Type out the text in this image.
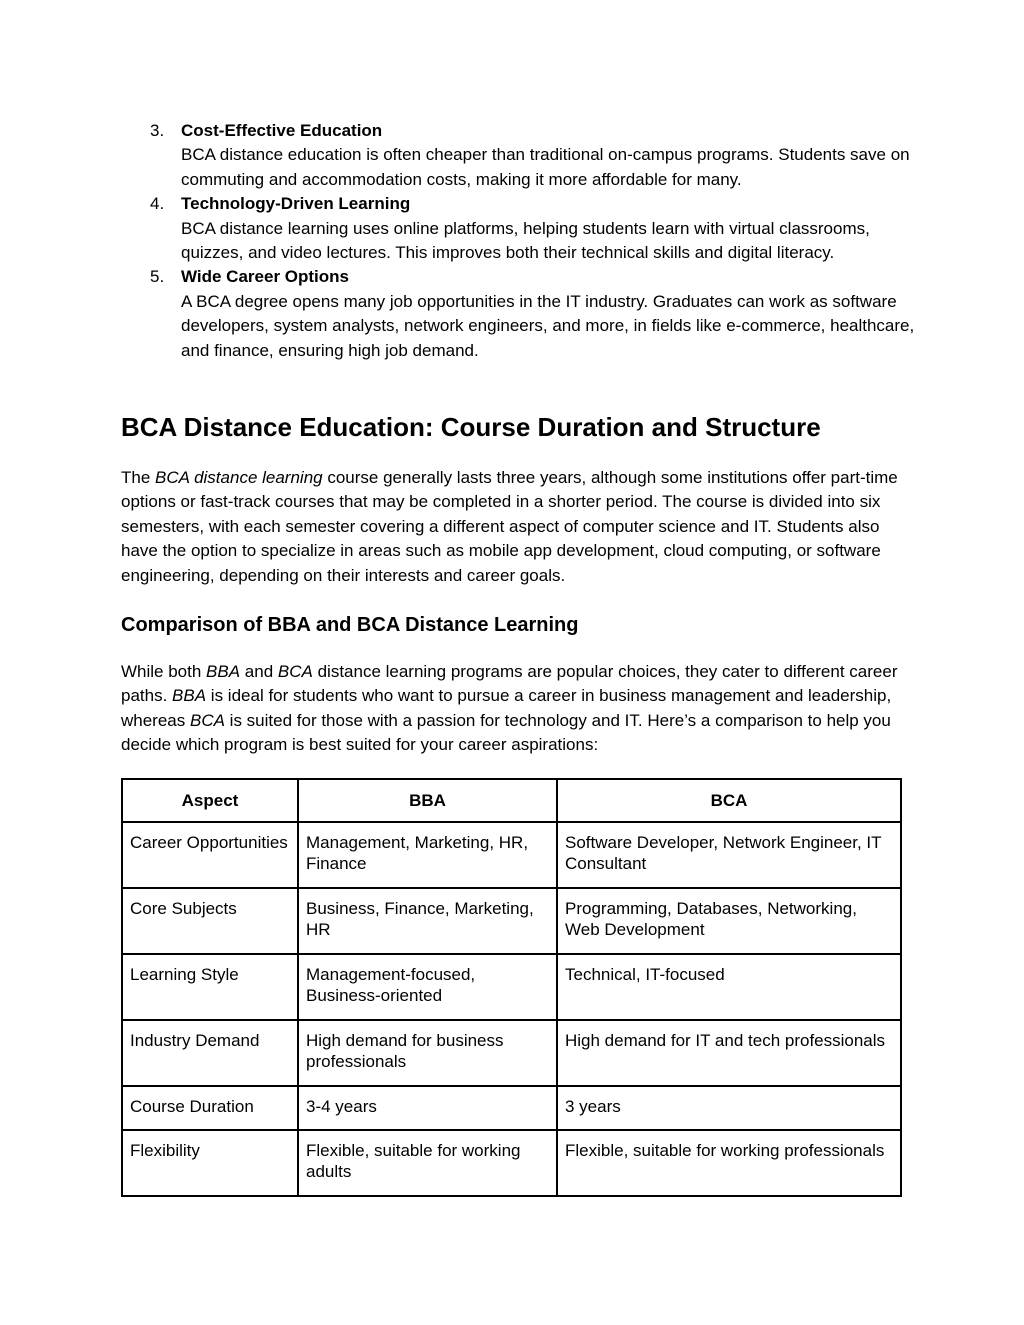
3. Cost-Effective Education
BCA distance education is often cheaper than traditional on-campus programs. Students save on commuting and accommodation costs, making it more affordable for many.
4. Technology-Driven Learning
BCA distance learning uses online platforms, helping students learn with virtual classrooms, quizzes, and video lectures. This improves both their technical skills and digital literacy.
5. Wide Career Options
A BCA degree opens many job opportunities in the IT industry. Graduates can work as software developers, system analysts, network engineers, and more, in fields like e-commerce, healthcare, and finance, ensuring high job demand.
BCA Distance Education: Course Duration and Structure

The BCA distance learning course generally lasts three years, although some institutions offer part-time options or fast-track courses that may be completed in a shorter period. The course is divided into six semesters, with each semester covering a different aspect of computer science and IT. Students also have the option to specialize in areas such as mobile app development, cloud computing, or software engineering, depending on their interests and career goals.

Comparison of BBA and BCA Distance Learning

While both BBA and BCA distance learning programs are popular choices, they cater to different career paths. BBA is ideal for students who want to pursue a career in business management and leadership, whereas BCA is suited for those with a passion for technology and IT. Here’s a comparison to help you decide which program is best suited for your career aspirations:

Aspect	BBA	BCA
Career Opportunities	Management, Marketing, HR, Finance	Software Developer, Network Engineer, IT Consultant
Core Subjects	Business, Finance, Marketing, HR	Programming, Databases, Networking, Web Development
Learning Style	Management-focused, Business-oriented	Technical, IT-focused
Industry Demand	High demand for business professionals	High demand for IT and tech professionals
Course Duration	3-4 years	3 years
Flexibility	Flexible, suitable for working adults	Flexible, suitable for working professionals
